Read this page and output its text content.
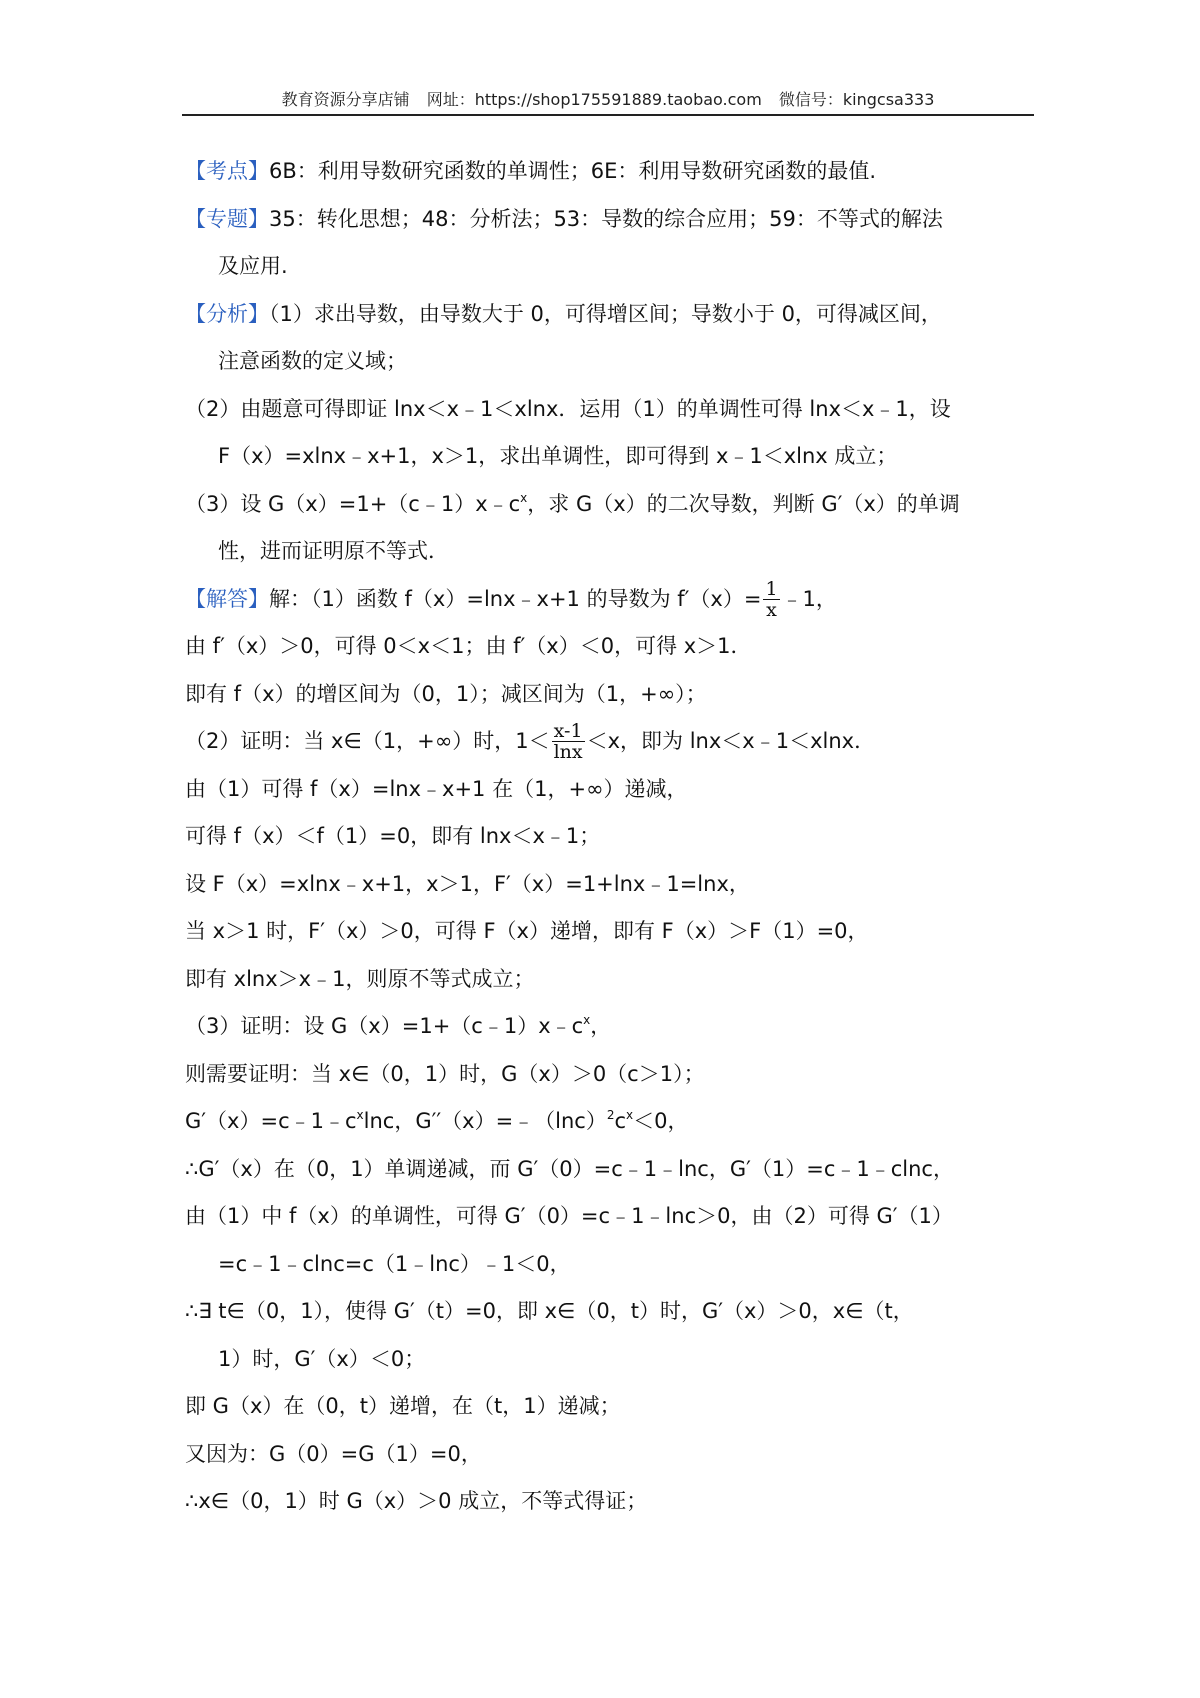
教育资源分享店铺 网址：https://shop175591889.taobao.com 微信号：kingcsa333

【考点】6B：利用导数研究函数的单调性；6E：利用导数研究函数的最值.

【专题】35：转化思想；48：分析法；53：导数的综合应用；59：不等式的解法

及应用.

【分析】（1）求出导数，由导数大于 0，可得增区间；导数小于 0，可得减区间，

注意函数的定义域；

（2）由题意可得即证 lnx＜x﹣1＜xlnx．运用（1）的单调性可得 lnx＜x﹣1，设

F（x）=xlnx﹣x+1，x＞1，求出单调性，即可得到 x﹣1＜xlnx 成立；

（3）设 $G(x)=1+(c﹣1)x﹣c^x$，求 G（x）的二次导数，判断 G′（x）的单调

性，进而证明原不等式．

【解答】解：（1）函数 f（x）=lnx﹣x+1 的导数为 $f'(x)= \frac{1}{x}$ ﹣1，

由 f′（x）＞0，可得 0＜x＜1；由 f′（x）＜0，可得 x＞1．

即有 f（x）的增区间为（0，1）；减区间为（1，+∞）；

（2）证明：当 x∈（1，+∞）时，$1< \frac{x-1}{\ln x} <x$，即为 lnx＜x﹣1＜xlnx．

由（1）可得 f（x）=lnx﹣x+1 在（1，+∞）递减，

可得 f（x）＜f（1）=0，即有 lnx＜x﹣1；

设 F（x）=xlnx﹣x+1，x＞1，F′（x）=1+lnx﹣1=lnx，

当 x＞1 时，F′（x）＞0，可得 F（x）递增，即有 F（x）＞F（1）=0，

即有 xlnx＞x﹣1，则原不等式成立；

（3）证明：设 $G(x)=1+(c﹣1)x﹣c^x$，

则需要证明：当 x∈（0，1）时，G（x）＞0（c＞1）；

$G'(x)=c﹣1﹣c^x\ln c$，$G''(x)=﹣(\ln c)^2c^x<0$，

∴G′（x）在（0，1）单调递减，而 G′（0）=c﹣1﹣lnc，G′（1）=c﹣1﹣clnc，

由（1）中 f（x）的单调性，可得 G′（0）=c﹣1﹣lnc＞0，由（2）可得 G′（1）

=c﹣1﹣clnc=c（1﹣lnc）﹣1＜0，

∴∃ t∈（0，1），使得 G′（t）=0，即 x∈（0，t）时，G′（x）＞0，x∈（t，

1）时，G′（x）＜0；

即 G（x）在（0，t）递增，在（t，1）递减；

又因为：G（0）=G（1）=0，

∴x∈（0，1）时 G（x）＞0 成立，不等式得证；
